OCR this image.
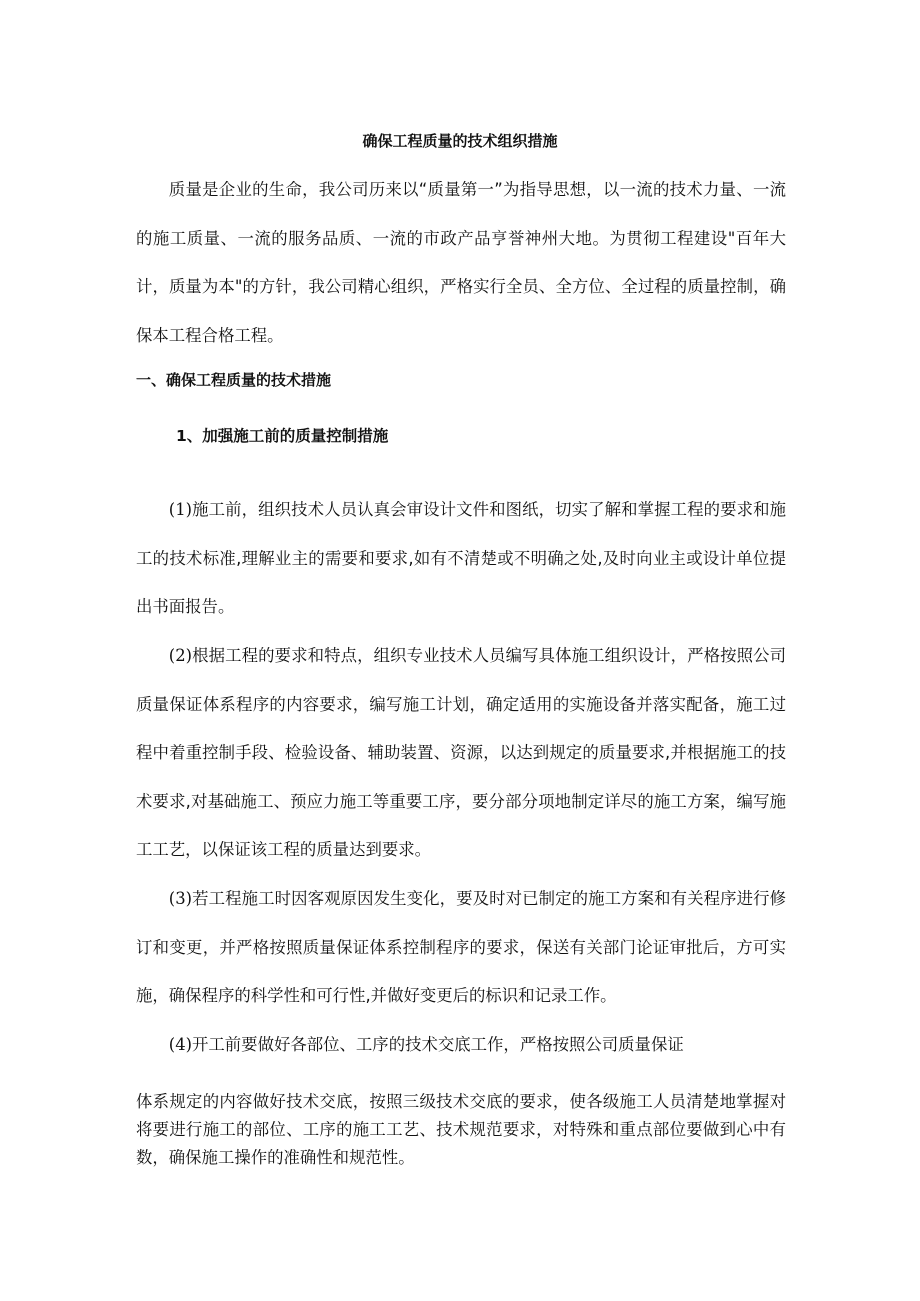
确保工程质量的技术组织措施

质量是企业的生命，我公司历来以“质量第一”为指导思想，以一流的技术力量、一流的施工质量、一流的服务品质、一流的市政产品亨誉神州大地。为贯彻工程建设"百年大计，质量为本"的方针，我公司精心组织，严格实行全员、全方位、全过程的质量控制，确保本工程合格工程。

一、确保工程质量的技术措施
1、加强施工前的质量控制措施

(1)施工前，组织技术人员认真会审设计文件和图纸，切实了解和掌握工程的要求和施工的技术标准,理解业主的需要和要求,如有不清楚或不明确之处,及时向业主或设计单位提出书面报告。

(2)根据工程的要求和特点，组织专业技术人员编写具体施工组织设计，严格按照公司质量保证体系程序的内容要求，编写施工计划，确定适用的实施设备并落实配备，施工过程中着重控制手段、检验设备、辅助装置、资源，以达到规定的质量要求,并根据施工的技术要求,对基础施工、预应力施工等重要工序，要分部分项地制定详尽的施工方案，编写施工工艺，以保证该工程的质量达到要求。

(3)若工程施工时因客观原因发生变化，要及时对已制定的施工方案和有关程序进行修订和变更，并严格按照质量保证体系控制程序的要求，保送有关部门论证审批后，方可实施，确保程序的科学性和可行性,并做好变更后的标识和记录工作。

(4)开工前要做好各部位、工序的技术交底工作，严格按照公司质量保证

体系规定的内容做好技术交底，按照三级技术交底的要求，使各级施工人员清楚地掌握对将要进行施工的部位、工序的施工工艺、技术规范要求，对特殊和重点部位要做到心中有数，确保施工操作的准确性和规范性。
